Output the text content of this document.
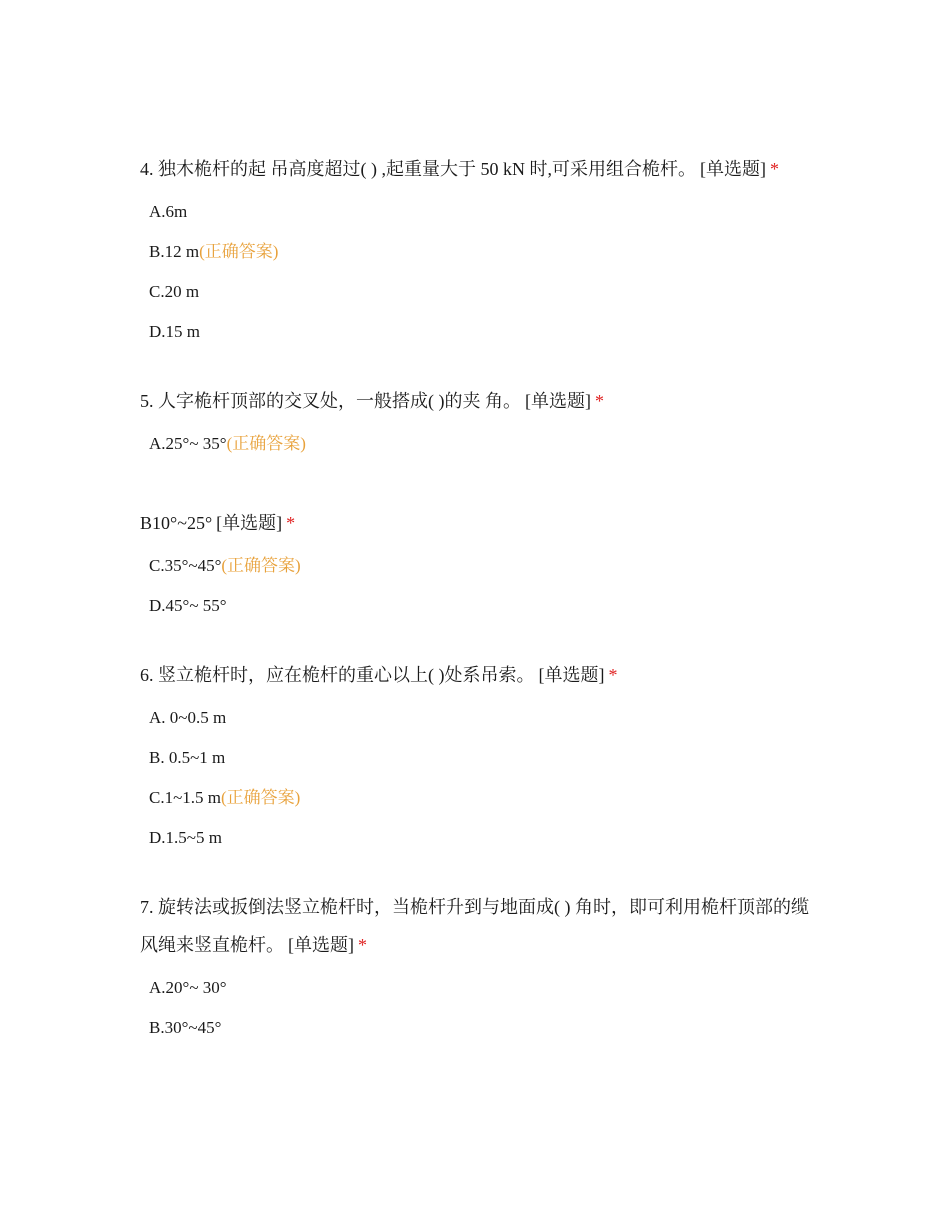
4. 独木桅杆的起 吊高度超过( ) ,起重量大于 50 kN 时,可采用组合桅杆。 [单选题] *
A.6m
B.12 m(正确答案)
C.20 m
D.15 m
5. 人字桅杆顶部的交叉处，一般搭成( )的夹 角。 [单选题] *
A.25°~ 35°(正确答案)
B10°~25° [单选题] *
C.35°~45°(正确答案)
D.45°~ 55°
6. 竖立桅杆时，应在桅杆的重心以上( )处系吊索。 [单选题] *
A. 0~0.5 m
B. 0.5~1 m
C.1~1.5 m(正确答案)
D.1.5~5 m
7. 旋转法或扳倒法竖立桅杆时，当桅杆升到与地面成( ) 角时，即可利用桅杆顶部的缆风绳来竖直桅杆。 [单选题] *
A.20°~ 30°
B.30°~45°
